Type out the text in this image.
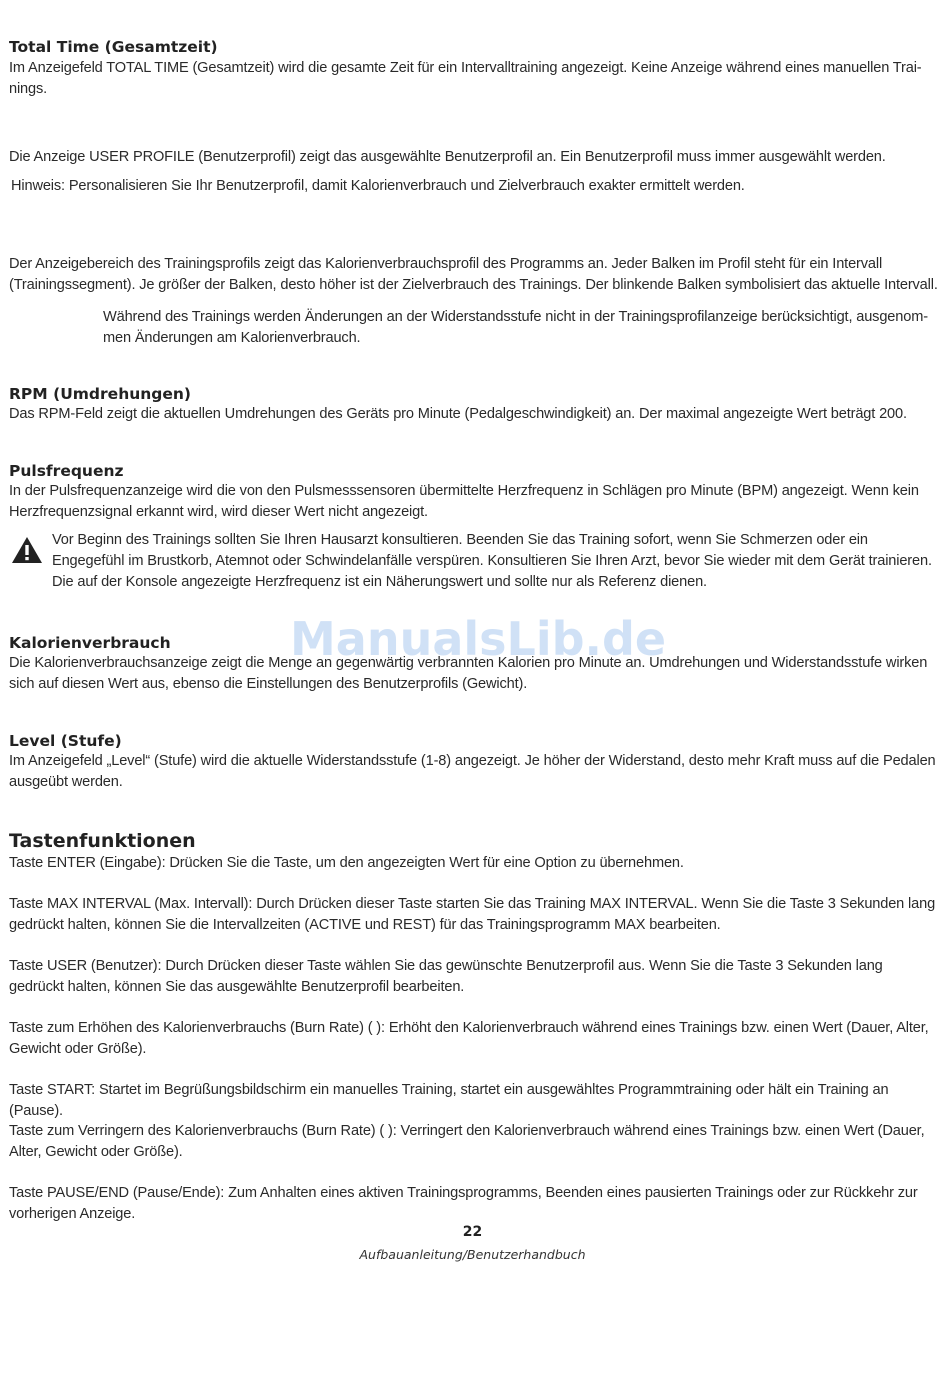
Total Time (Gesamtzeit)
Im Anzeigefeld TOTAL TIME (Gesamtzeit) wird die gesamte Zeit für ein Intervalltraining angezeigt. Keine Anzeige während eines manuellen Trai-nings.
Die Anzeige USER PROFILE (Benutzerprofil) zeigt das ausgewählte Benutzerprofil an. Ein Benutzerprofil muss immer ausgewählt werden.
Hinweis: Personalisieren Sie Ihr Benutzerprofil, damit Kalorienverbrauch und Zielverbrauch exakter ermittelt werden.
Der Anzeigebereich des Trainingsprofils zeigt das Kalorienverbrauchsprofil des Programms an. Jeder Balken im Profil steht für ein Intervall (Trainingssegment). Je größer der Balken, desto höher ist der Zielverbrauch des Trainings. Der blinkende Balken symbolisiert das aktuelle Intervall.
Während des Trainings werden Änderungen an der Widerstandsstufe nicht in der Trainingsprofilanzeige berücksichtigt, ausgenom-men Änderungen am Kalorienverbrauch.
RPM (Umdrehungen)
Das RPM-Feld zeigt die aktuellen Umdrehungen des Geräts pro Minute (Pedalgeschwindigkeit) an. Der maximal angezeigte Wert beträgt 200.
Pulsfrequenz
In der Pulsfrequenzanzeige wird die von den Pulsmesssensoren übermittelte Herzfrequenz in Schlägen pro Minute (BPM) angezeigt. Wenn kein Herzfrequenzsignal erkannt wird, wird dieser Wert nicht angezeigt.
Vor Beginn des Trainings sollten Sie Ihren Hausarzt konsultieren. Beenden Sie das Training sofort, wenn Sie Schmerzen oder ein Engegefühl im Brustkorb, Atemnot oder Schwindelanfälle verspüren. Konsultieren Sie Ihren Arzt, bevor Sie wieder mit dem Gerät trainieren. Die auf der Konsole angezeigte Herzfrequenz ist ein Näherungswert und sollte nur als Referenz dienen.
Kalorienverbrauch
Die Kalorienverbrauchsanzeige zeigt die Menge an gegenwärtig verbrannten Kalorien pro Minute an. Umdrehungen und Widerstandsstufe wirken sich auf diesen Wert aus, ebenso die Einstellungen des Benutzerprofils (Gewicht).
Level (Stufe)
Im Anzeigefeld „Level“ (Stufe) wird die aktuelle Widerstandsstufe (1-8) angezeigt. Je höher der Widerstand, desto mehr Kraft muss auf die Pedalen ausgeübt werden.
Tastenfunktionen
Taste ENTER (Eingabe): Drücken Sie die Taste, um den angezeigten Wert für eine Option zu übernehmen.
Taste MAX INTERVAL (Max. Intervall): Durch Drücken dieser Taste starten Sie das Training MAX INTERVAL. Wenn Sie die Taste 3 Sekunden lang gedrückt halten, können Sie die Intervallzeiten (ACTIVE und REST) für das Trainingsprogramm MAX bearbeiten.
Taste USER (Benutzer): Durch Drücken dieser Taste wählen Sie das gewünschte Benutzerprofil aus. Wenn Sie die Taste 3 Sekunden lang gedrückt halten, können Sie das ausgewählte Benutzerprofil bearbeiten.
Taste zum Erhöhen des Kalorienverbrauchs (Burn Rate) ( ): Erhöht den Kalorienverbrauch während eines Trainings bzw. einen Wert (Dauer, Alter, Gewicht oder Größe).
Taste START: Startet im Begrüßungsbildschirm ein manuelles Training, startet ein ausgewähltes Programmtraining oder hält ein Training an (Pause).
Taste zum Verringern des Kalorienverbrauchs (Burn Rate) ( ): Verringert den Kalorienverbrauch während eines Trainings bzw. einen Wert (Dauer, Alter, Gewicht oder Größe).
Taste PAUSE/END (Pause/Ende): Zum Anhalten eines aktiven Trainingsprogramms, Beenden eines pausierten Trainings oder zur Rückkehr zur vorherigen Anzeige.
ManualsLib.de
22
Aufbauanleitung/Benutzerhandbuch
